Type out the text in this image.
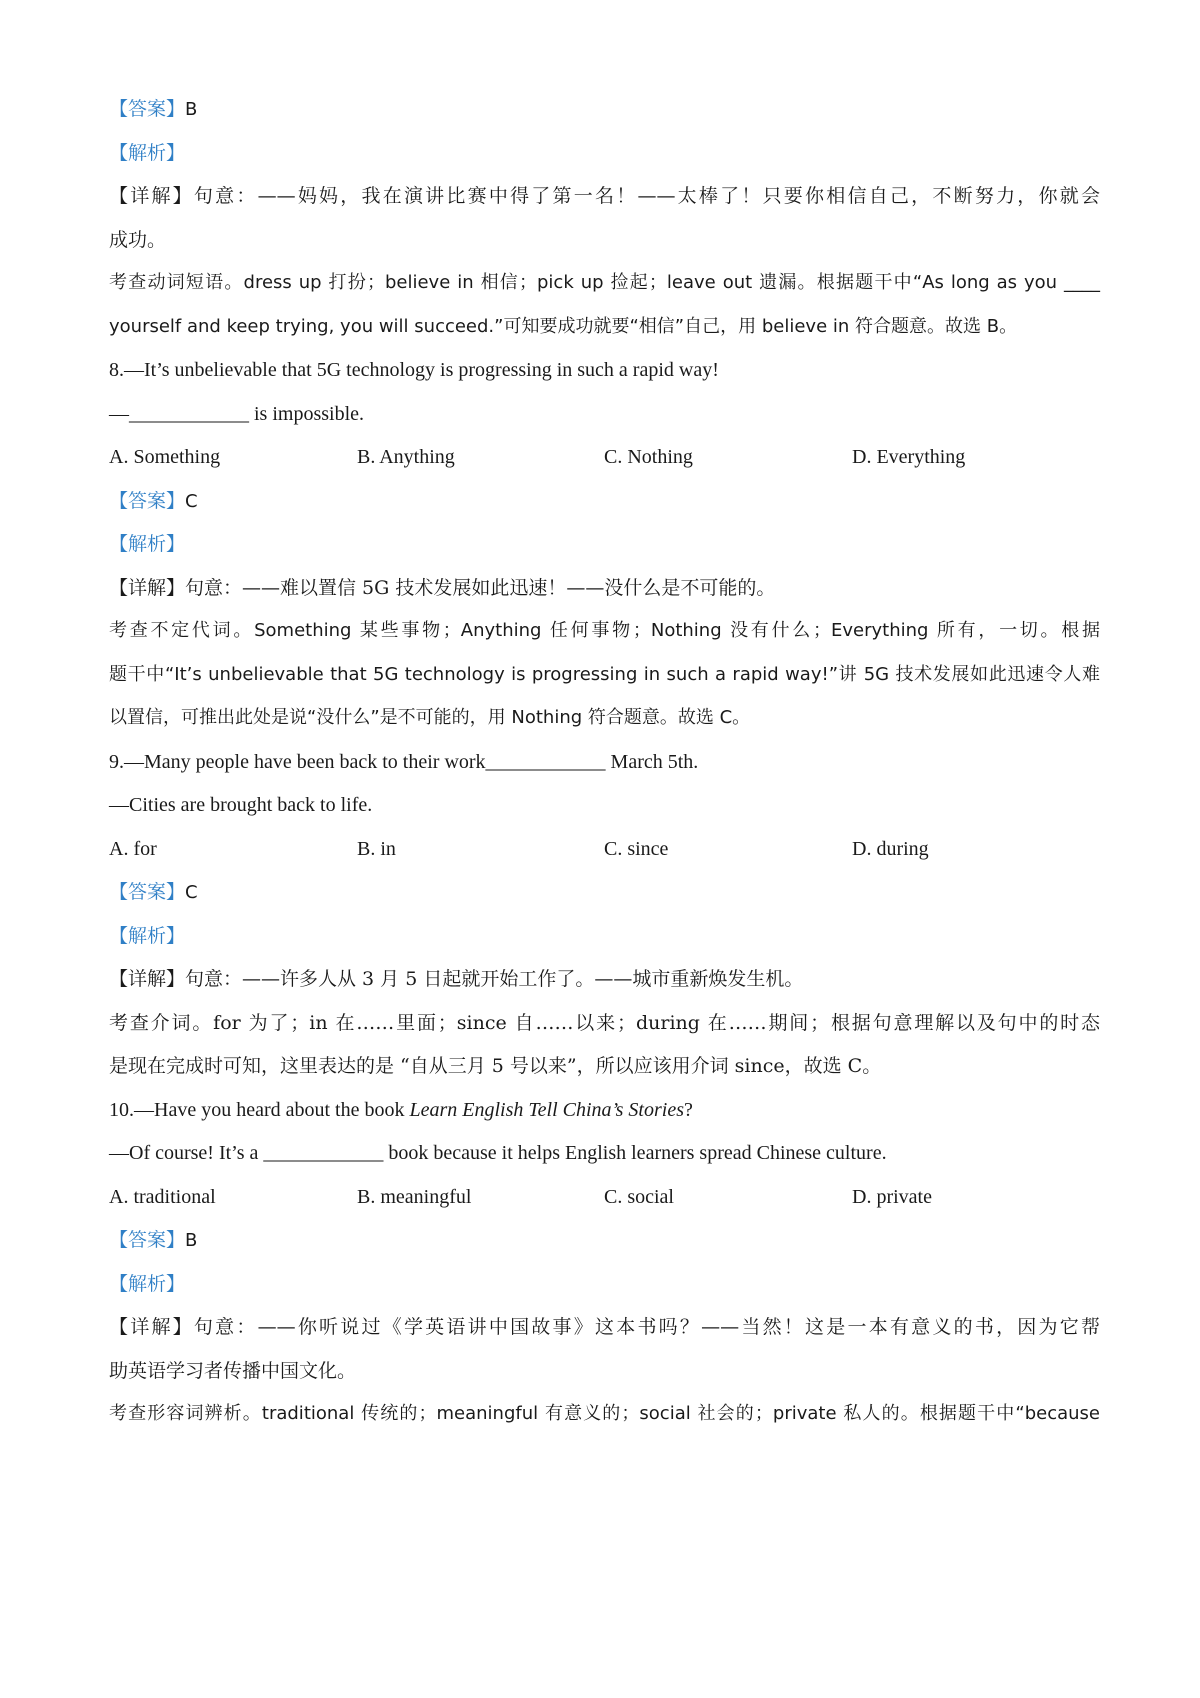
【答案】B
【解析】
【详解】句意：——妈妈，我在演讲比赛中得了第一名！——太棒了！只要你相信自己，不断努力，你就会
成功。
考查动词短语。dress up 打扮；believe in 相信；pick up 捡起；leave out 遗漏。根据题干中“As long as you ____
yourself and keep trying, you will succeed.”可知要成功就要“相信”自己，用 believe in 符合题意。故选 B。
8.—It’s unbelievable that 5G technology is progressing in such a rapid way!
—____________ is impossible.
A. Something	B. Anything	C. Nothing	D. Everything
【答案】C
【解析】
【详解】句意：——难以置信 5G 技术发展如此迅速！——没什么是不可能的。
考查不定代词。Something 某些事物；Anything 任何事物；Nothing 没有什么；Everything 所有，一切。根据
题干中“It’s unbelievable that 5G technology is progressing in such a rapid way!”讲 5G 技术发展如此迅速令人难
以置信，可推出此处是说“没什么”是不可能的，用 Nothing 符合题意。故选 C。
9.—Many people have been back to their work____________ March 5th.
—Cities are brought back to life.
A. for	B. in	C. since	D. during
【答案】C
【解析】
【详解】句意：——许多人从 3 月 5 日起就开始工作了。——城市重新焕发生机。
考查介词。for 为了；in 在……里面；since 自……以来；during 在……期间；根据句意理解以及句中的时态
是现在完成时可知，这里表达的是 “自从三月 5 号以来”，所以应该用介词 since，故选 C。
10.—Have you heard about the book Learn English Tell China’s Stories?
—Of course! It’s a ____________ book because it helps English learners spread Chinese culture.
A. traditional	B. meaningful	C. social	D. private
【答案】B
【解析】
【详解】句意：——你听说过《学英语讲中国故事》这本书吗？——当然！这是一本有意义的书，因为它帮
助英语学习者传播中国文化。
考查形容词辨析。traditional 传统的；meaningful 有意义的；social 社会的；private 私人的。根据题干中“because
